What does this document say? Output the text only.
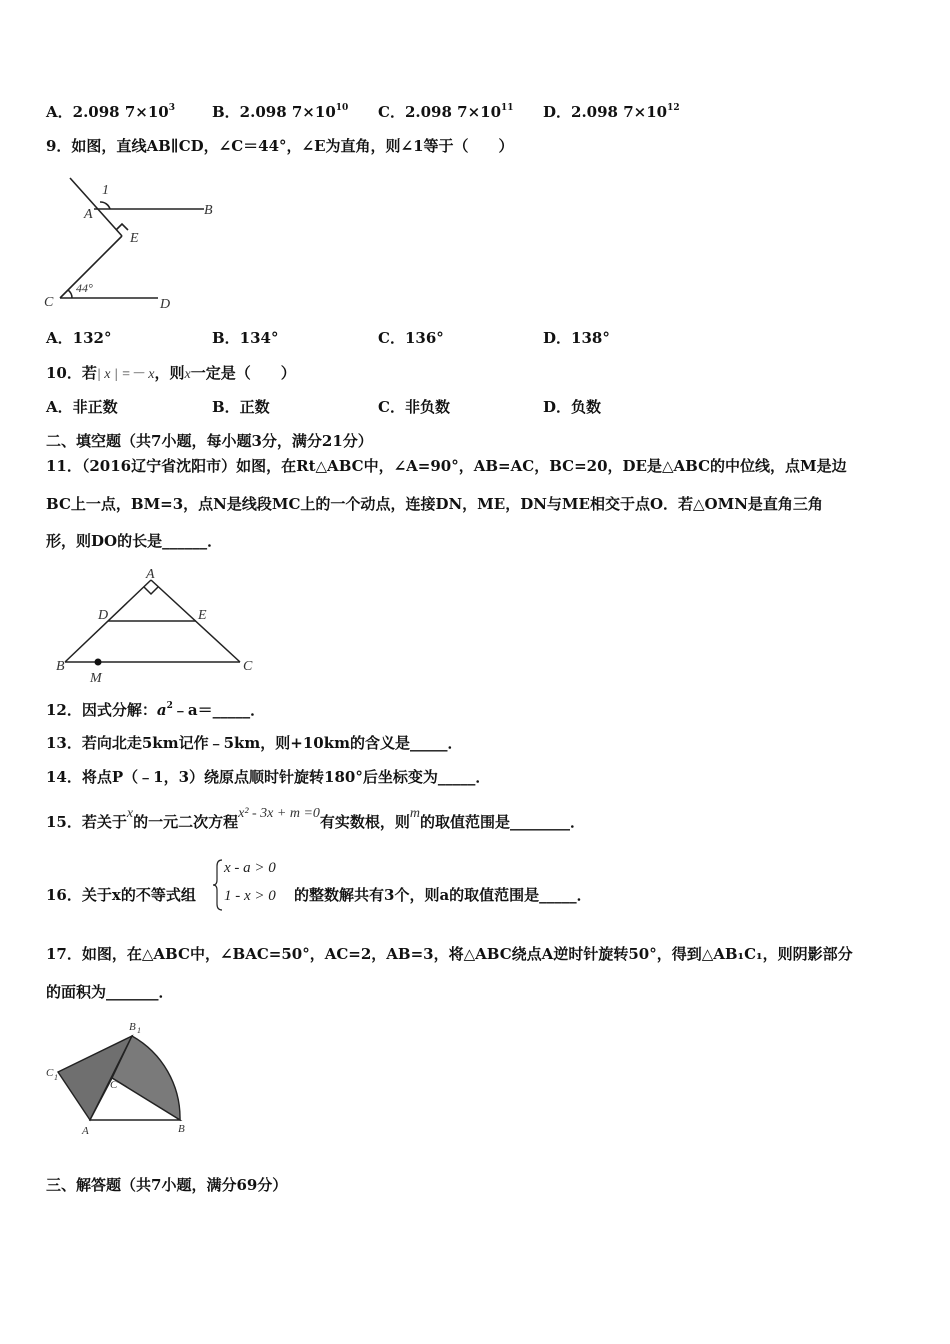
A．2.098 $7\times 10^3$ B．2.098 $7\times 10^{10}$ C．2.098 $7\times 10^{11}$ D．2.098 $7\times 10^{12}$
9．如图，直线AB∥CD，∠C＝44°，∠E为直角，则∠1等于（　　）
1
A	B
E
C	D
44°
A．132°	B．134°	C．136°	D．138°
10．若| x | =－ x，则x一定是（　　）
A．非正数	B．正数	C．非负数	D．负数
二、填空题（共7小题，每小题3分，满分21分）
11．（2016辽宁省沈阳市）如图，在Rt△ABC中，∠A=90°，AB=AC，BC=20，DE是△ABC的中位线，点M是边
BC上一点，BM=3，点N是线段MC上的一个动点，连接DN，ME，DN与ME相交于点O．若△OMN是直角三角
形，则DO的长是______．
A
D	E
B	C
M
12．因式分解：$a^2﹣a=\_\_\_\_\_$．
13．若向北走5km记作﹣5km，则+10km的含义是_____．
14．将点P（﹣1，3）绕原点顺时针旋转180°后坐标变为_____．
15．若关于x的一元二次方程x² - 3x + m =0有实数根，则m的取值范围是________．
16．关于x的不等式组
x - a > 0
1 - x > 0 的整数解共有3个，则a的取值范围是_____．
17．如图，在△ABC中，∠BAC=50°，AC=2，AB=3，将△ABC绕点A逆时针旋转50°，得到△AB₁C₁，则阴影部分
的面积为_______．
B 1
C 1
C
A	B
三、解答题（共7小题，满分69分）
